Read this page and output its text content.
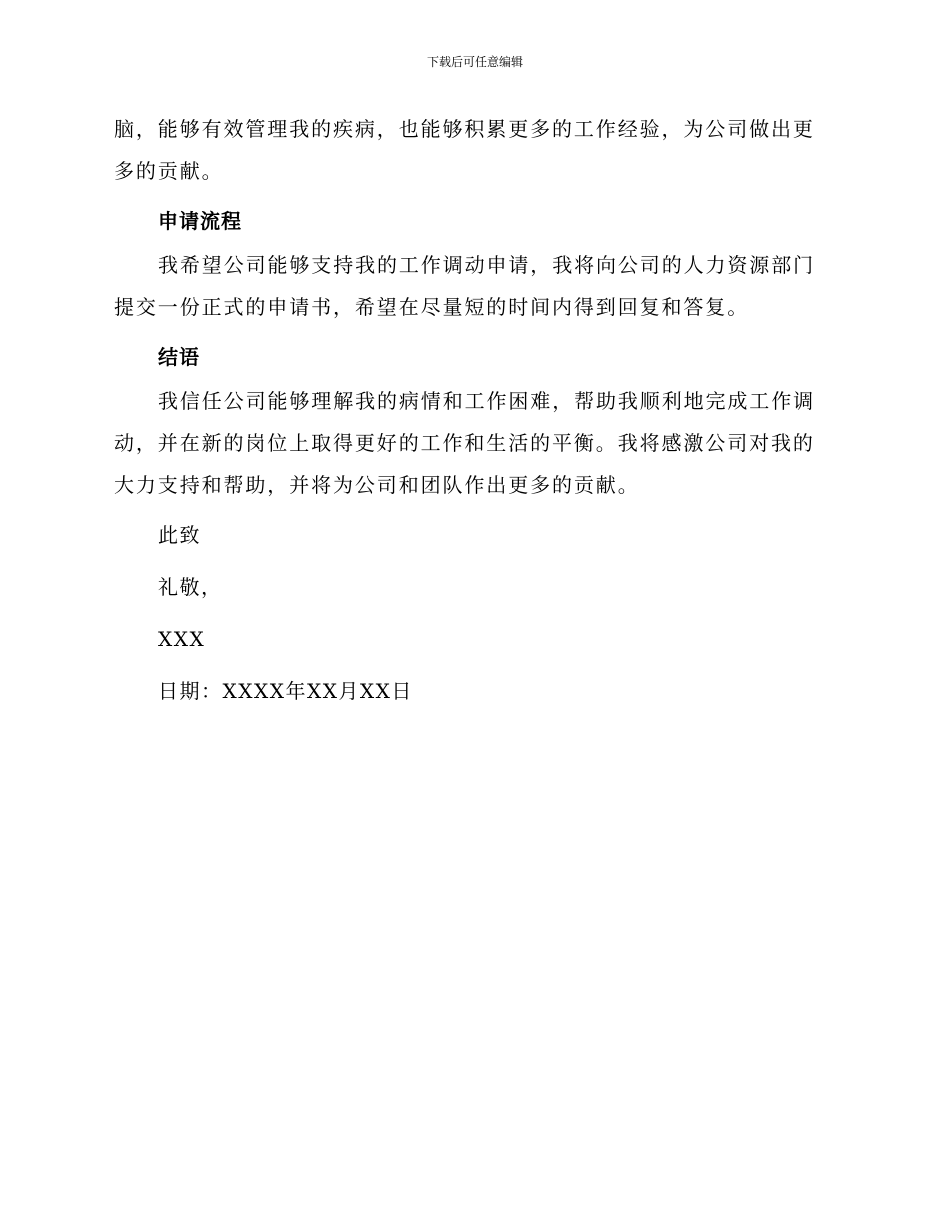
下载后可任意编辑

脑，能够有效管理我的疾病，也能够积累更多的工作经验，为公司做出更多的贡献。

申请流程

我希望公司能够支持我的工作调动申请，我将向公司的人力资源部门提交一份正式的申请书，希望在尽量短的时间内得到回复和答复。

结语

我信任公司能够理解我的病情和工作困难，帮助我顺利地完成工作调动，并在新的岗位上取得更好的工作和生活的平衡。我将感激公司对我的大力支持和帮助，并将为公司和团队作出更多的贡献。

此致

礼敬，

XXX

日期：XXXX年XX月XX日
